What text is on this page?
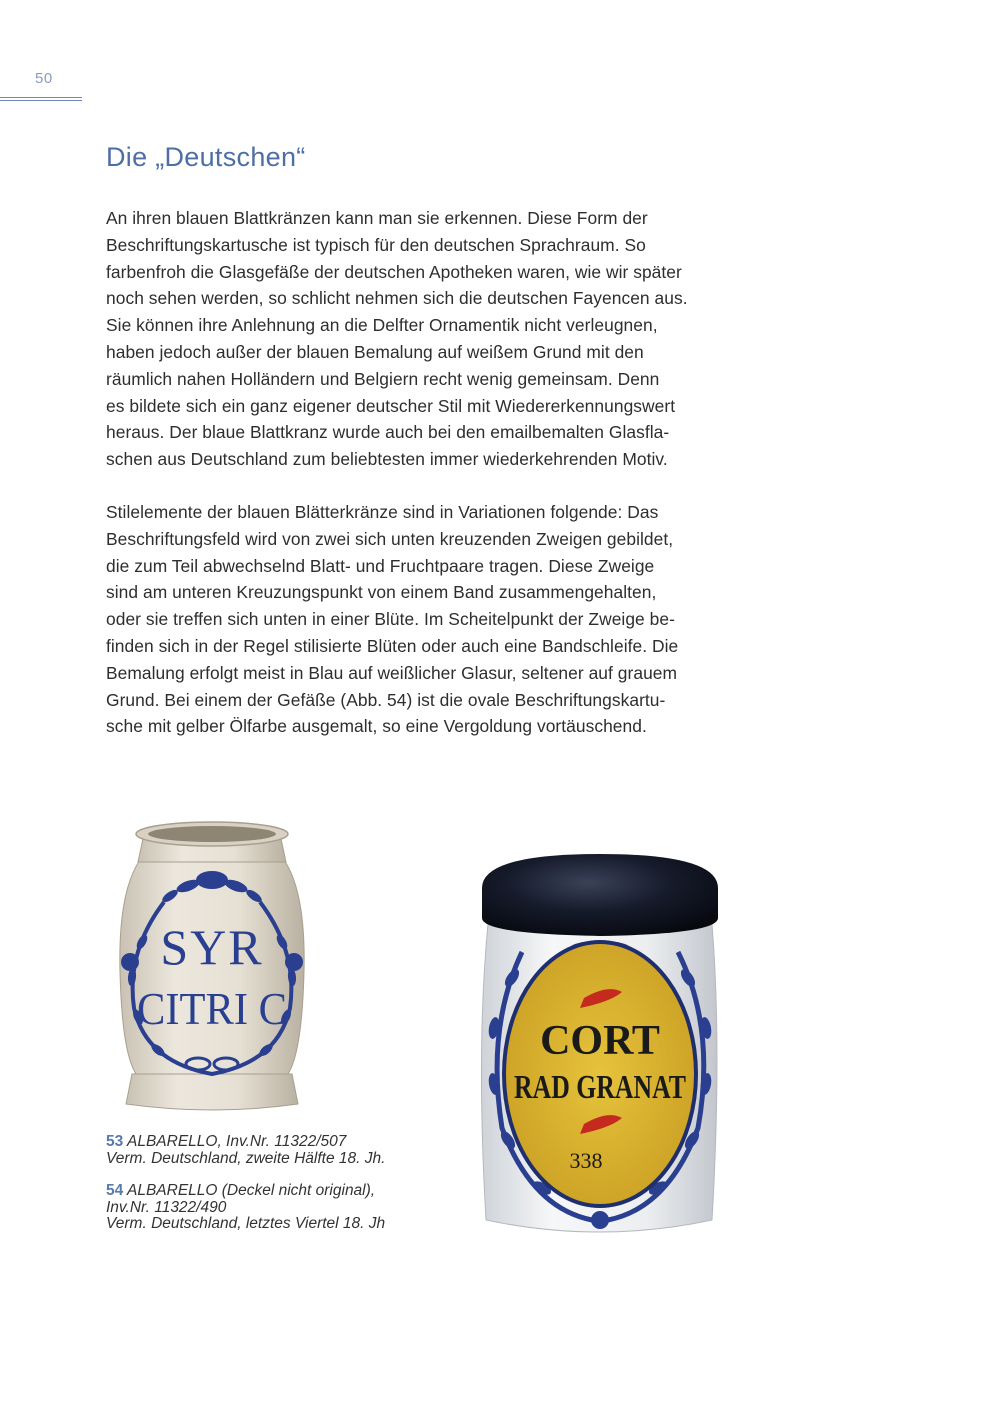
50
Die „Deutschen“
An ihren blauen Blattkränzen kann man sie erkennen. Diese Form der
Beschriftungskartusche ist typisch für den deutschen Sprachraum. So
farbenfroh die Glasgefäße der deutschen Apotheken waren, wie wir später
noch sehen werden, so schlicht nehmen sich die deutschen Fayencen aus.
Sie können ihre Anlehnung an die Delfter Ornamentik nicht verleugnen,
haben jedoch außer der blauen Bemalung auf weißem Grund mit den
räumlich nahen Holländern und Belgiern recht wenig gemeinsam. Denn
es bildete sich ein ganz eigener deutscher Stil mit Wiedererkennungswert
heraus. Der blaue Blattkranz wurde auch bei den emailbemalten Glasfla-
schen aus Deutschland zum beliebtesten immer wiederkehrenden Motiv.
Stilelemente der blauen Blätterkränze sind in Variationen folgende: Das
Beschriftungsfeld wird von zwei sich unten kreuzenden Zweigen gebildet,
die zum Teil abwechselnd Blatt- und Fruchtpaare tragen. Diese Zweige
sind am unteren Kreuzungspunkt von einem Band zusammengehalten,
oder sie treffen sich unten in einer Blüte. Im Scheitelpunkt der Zweige be-
finden sich in der Regel stilisierte Blüten oder auch eine Bandschleife. Die
Bemalung erfolgt meist in Blau auf weißlicher Glasur, seltener auf grauem
Grund. Bei einem der Gefäße (Abb. 54) ist die ovale Beschriftungskartu-
sche mit gelber Ölfarbe ausgemalt, so eine Vergoldung vortäuschend.
SYR
CITRI C
CORT
RAD GRANAT
338
53 ALBARELLO, Inv.Nr. 11322/507
Verm. Deutschland, zweite Hälfte 18. Jh.
54 ALBARELLO (Deckel nicht original),
Inv.Nr. 11322/490
Verm. Deutschland, letztes Viertel 18. Jh
